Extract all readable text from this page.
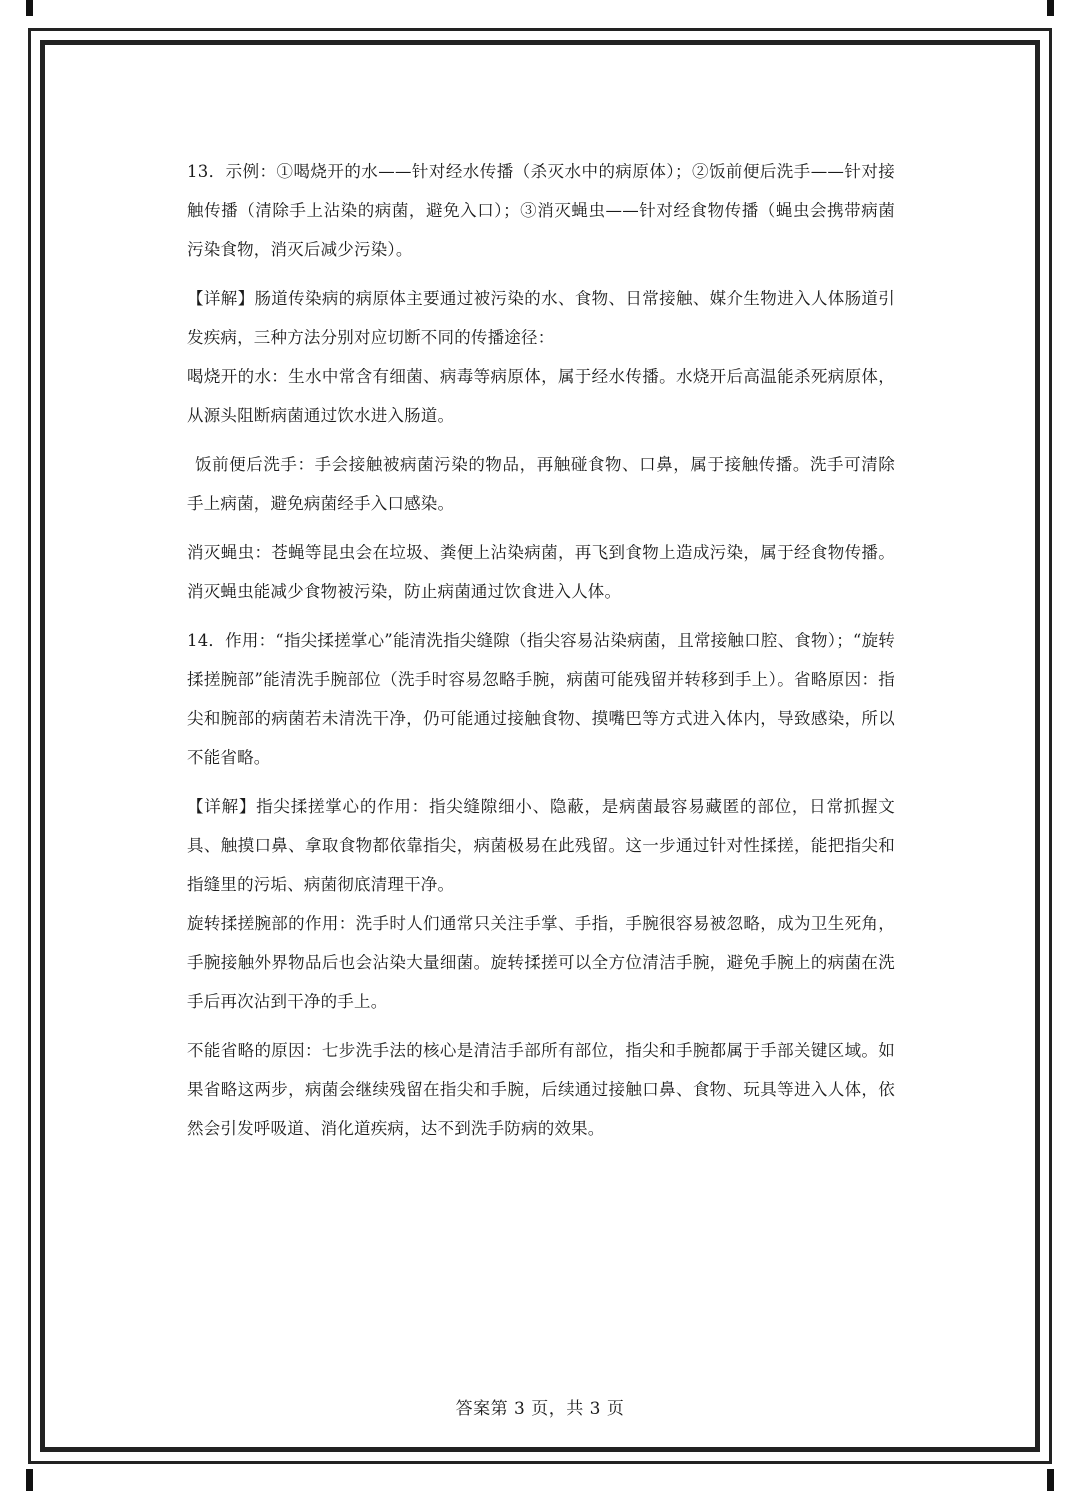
13．示例：①喝烧开的水——针对经水传播（杀灭水中的病原体）；②饭前便后洗手——针对接触传播（清除手上沾染的病菌，避免入口）；③消灭蝇虫——针对经食物传播（蝇虫会携带病菌污染食物，消灭后减少污染）。

【详解】肠道传染病的病原体主要通过被污染的水、食物、日常接触、媒介生物进入人体肠道引发疾病，三种方法分别对应切断不同的传播途径：

喝烧开的水：生水中常含有细菌、病毒等病原体，属于经水传播。水烧开后高温能杀死病原体，从源头阻断病菌通过饮水进入肠道。

饭前便后洗手：手会接触被病菌污染的物品，再触碰食物、口鼻，属于接触传播。洗手可清除手上病菌，避免病菌经手入口感染。

消灭蝇虫：苍蝇等昆虫会在垃圾、粪便上沾染病菌，再飞到食物上造成污染，属于经食物传播。消灭蝇虫能减少食物被污染，防止病菌通过饮食进入人体。

14．作用：“指尖揉搓掌心”能清洗指尖缝隙（指尖容易沾染病菌，且常接触口腔、食物）；“旋转揉搓腕部”能清洗手腕部位（洗手时容易忽略手腕，病菌可能残留并转移到手上）。省略原因：指尖和腕部的病菌若未清洗干净，仍可能通过接触食物、摸嘴巴等方式进入体内，导致感染，所以不能省略。

【详解】指尖揉搓掌心的作用：指尖缝隙细小、隐蔽，是病菌最容易藏匿的部位，日常抓握文具、触摸口鼻、拿取食物都依靠指尖，病菌极易在此残留。这一步通过针对性揉搓，能把指尖和指缝里的污垢、病菌彻底清理干净。

旋转揉搓腕部的作用：洗手时人们通常只关注手掌、手指，手腕很容易被忽略，成为卫生死角，手腕接触外界物品后也会沾染大量细菌。旋转揉搓可以全方位清洁手腕，避免手腕上的病菌在洗手后再次沾到干净的手上。

不能省略的原因：七步洗手法的核心是清洁手部所有部位，指尖和手腕都属于手部关键区域。如果省略这两步，病菌会继续残留在指尖和手腕，后续通过接触口鼻、食物、玩具等进入人体，依然会引发呼吸道、消化道疾病，达不到洗手防病的效果。

答案第 3 页，共 3 页
